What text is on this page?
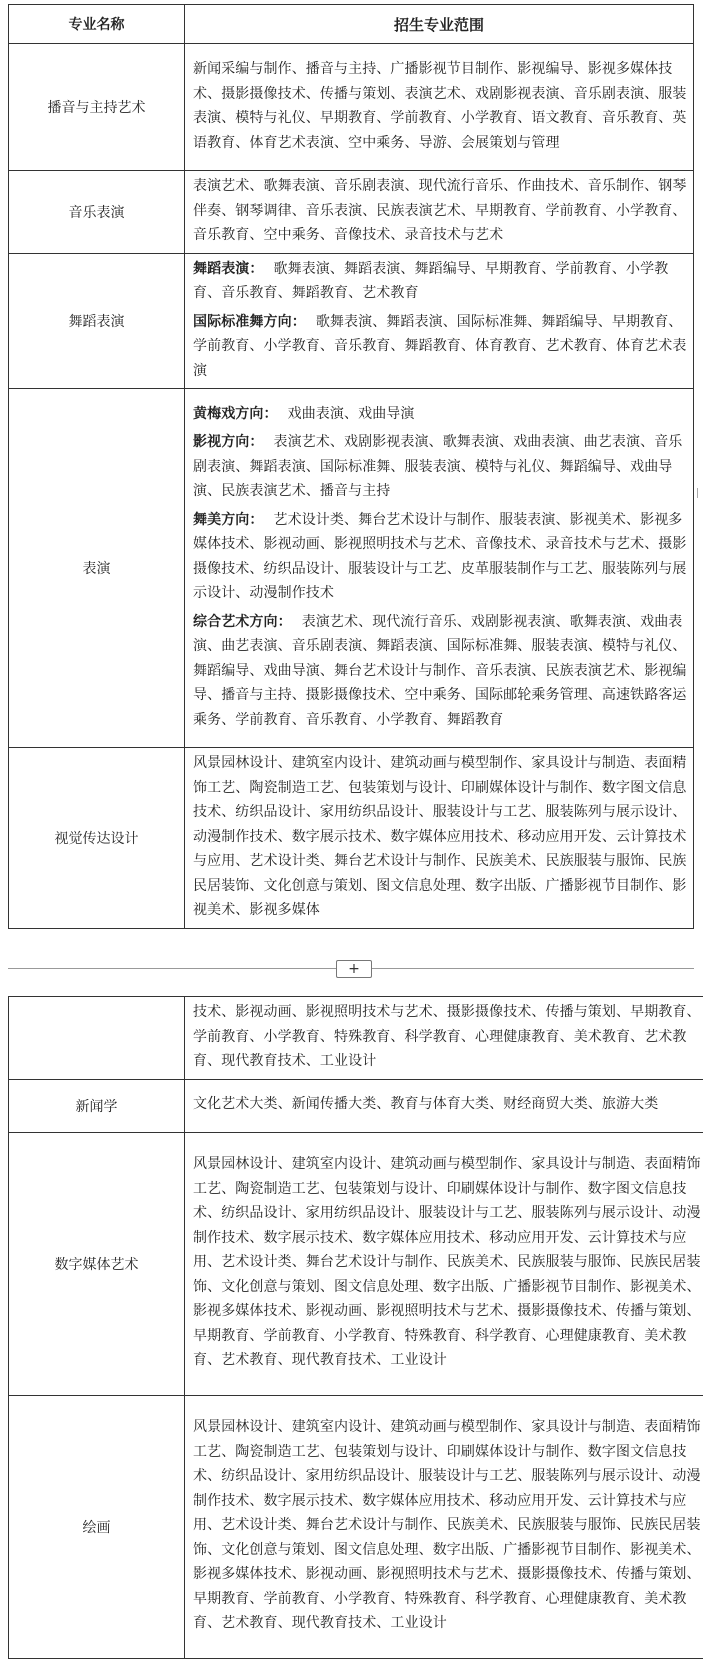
专业名称	招生专业范围
播音与主持艺术	新闻采编与制作、播音与主持、广播影视节目制作、影视编导、影视多媒体技术、摄影摄像技术、传播与策划、表演艺术、戏剧影视表演、音乐剧表演、服装表演、模特与礼仪、早期教育、学前教育、小学教育、语文教育、音乐教育、英语教育、体育艺术表演、空中乘务、导游、会展策划与管理
音乐表演	表演艺术、歌舞表演、音乐剧表演、现代流行音乐、作曲技术、音乐制作、钢琴伴奏、钢琴调律、音乐表演、民族表演艺术、早期教育、学前教育、小学教育、音乐教育、空中乘务、音像技术、录音技术与艺术
舞蹈表演	舞蹈表演： 歌舞表演、舞蹈表演、舞蹈编导、早期教育、学前教育、小学教育、音乐教育、舞蹈教育、艺术教育

国际标准舞方向： 歌舞表演、舞蹈表演、国际标准舞、舞蹈编导、早期教育、学前教育、小学教育、音乐教育、舞蹈教育、体育教育、艺术教育、体育艺术表演

表演	黄梅戏方向： 戏曲表演、戏曲导演

影视方向： 表演艺术、戏剧影视表演、歌舞表演、戏曲表演、曲艺表演、音乐剧表演、舞蹈表演、国际标准舞、服装表演、模特与礼仪、舞蹈编导、戏曲导演、民族表演艺术、播音与主持

舞美方向： 艺术设计类、舞台艺术设计与制作、服装表演、影视美术、影视多媒体技术、影视动画、影视照明技术与艺术、音像技术、录音技术与艺术、摄影摄像技术、纺织品设计、服装设计与工艺、皮革服装制作与工艺、服装陈列与展示设计、动漫制作技术

综合艺术方向： 表演艺术、现代流行音乐、戏剧影视表演、歌舞表演、戏曲表演、曲艺表演、音乐剧表演、舞蹈表演、国际标准舞、服装表演、模特与礼仪、舞蹈编导、戏曲导演、舞台艺术设计与制作、音乐表演、民族表演艺术、影视编导、播音与主持、摄影摄像技术、空中乘务、国际邮轮乘务管理、高速铁路客运乘务、学前教育、音乐教育、小学教育、舞蹈教育

视觉传达设计	风景园林设计、建筑室内设计、建筑动画与模型制作、家具设计与制造、表面精饰工艺、陶瓷制造工艺、包装策划与设计、印刷媒体设计与制作、数字图文信息技术、纺织品设计、家用纺织品设计、服装设计与工艺、服装陈列与展示设计、动漫制作技术、数字展示技术、数字媒体应用技术、移动应用开发、云计算技术与应用、艺术设计类、舞台艺术设计与制作、民族美术、民族服装与服饰、民族民居装饰、文化创意与策划、图文信息处理、数字出版、广播影视节目制作、影视美术、影视多媒体
+
	技术、影视动画、影视照明技术与艺术、摄影摄像技术、传播与策划、早期教育、学前教育、小学教育、特殊教育、科学教育、心理健康教育、美术教育、艺术教育、现代教育技术、工业设计
新闻学	文化艺术大类、新闻传播大类、教育与体育大类、财经商贸大类、旅游大类
数字媒体艺术	风景园林设计、建筑室内设计、建筑动画与模型制作、家具设计与制造、表面精饰工艺、陶瓷制造工艺、包装策划与设计、印刷媒体设计与制作、数字图文信息技术、纺织品设计、家用纺织品设计、服装设计与工艺、服装陈列与展示设计、动漫制作技术、数字展示技术、数字媒体应用技术、移动应用开发、云计算技术与应用、艺术设计类、舞台艺术设计与制作、民族美术、民族服装与服饰、民族民居装饰、文化创意与策划、图文信息处理、数字出版、广播影视节目制作、影视美术、影视多媒体技术、影视动画、影视照明技术与艺术、摄影摄像技术、传播与策划、早期教育、学前教育、小学教育、特殊教育、科学教育、心理健康教育、美术教育、艺术教育、现代教育技术、工业设计
绘画	风景园林设计、建筑室内设计、建筑动画与模型制作、家具设计与制造、表面精饰工艺、陶瓷制造工艺、包装策划与设计、印刷媒体设计与制作、数字图文信息技术、纺织品设计、家用纺织品设计、服装设计与工艺、服装陈列与展示设计、动漫制作技术、数字展示技术、数字媒体应用技术、移动应用开发、云计算技术与应用、艺术设计类、舞台艺术设计与制作、民族美术、民族服装与服饰、民族民居装饰、文化创意与策划、图文信息处理、数字出版、广播影视节目制作、影视美术、影视多媒体技术、影视动画、影视照明技术与艺术、摄影摄像技术、传播与策划、早期教育、学前教育、小学教育、特殊教育、科学教育、心理健康教育、美术教育、艺术教育、现代教育技术、工业设计
